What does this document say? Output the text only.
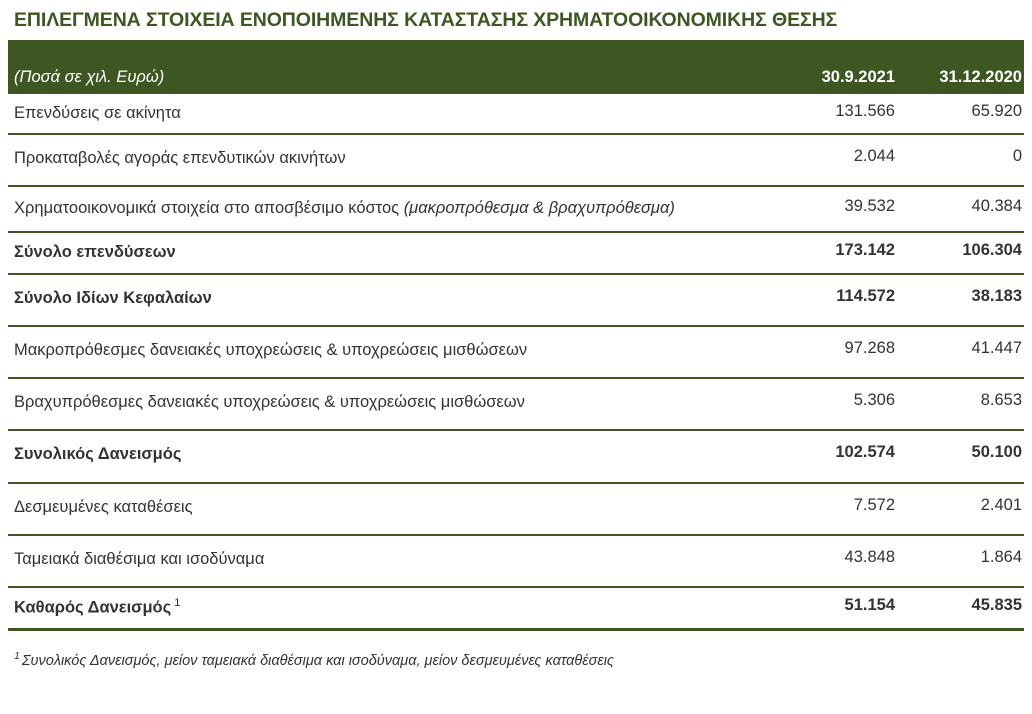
ΕΠΙΛΕΓΜΕΝΑ ΣΤΟΙΧΕΙΑ ΕΝΟΠΟΙΗΜΕΝΗΣ ΚΑΤΑΣΤΑΣΗΣ ΧΡΗΜΑΤΟΟΙΚΟΝΟΜΙΚΗΣ ΘΕΣΗΣ
(Ποσά σε χιλ. Ευρώ)	30.9.2021	31.12.2020
Επενδύσεις σε ακίνητα	131.566	65.920
Προκαταβολές αγοράς επενδυτικών ακινήτων	2.044	0
Χρηματοοικονομικά στοιχεία στο αποσβέσιμο κόστος (μακροπρόθεσμα & βραχυπρόθεσμα)	39.532	40.384
Σύνολο επενδύσεων	173.142	106.304
Σύνολο Ιδίων Κεφαλαίων	114.572	38.183
Μακροπρόθεσμες δανειακές υποχρεώσεις & υποχρεώσεις μισθώσεων	97.268	41.447
Βραχυπρόθεσμες δανειακές υποχρεώσεις & υποχρεώσεις μισθώσεων	5.306	8.653
Συνολικός Δανεισμός	102.574	50.100
Δεσμευμένες καταθέσεις	7.572	2.401
Ταμειακά διαθέσιμα και ισοδύναμα	43.848	1.864
Καθαρός Δανεισμός $^1$	51.154	45.835
$^1$ Συνολικός Δανεισμός, μείον ταμειακά διαθέσιμα και ισοδύναμα, μείον δεσμευμένες καταθέσεις
